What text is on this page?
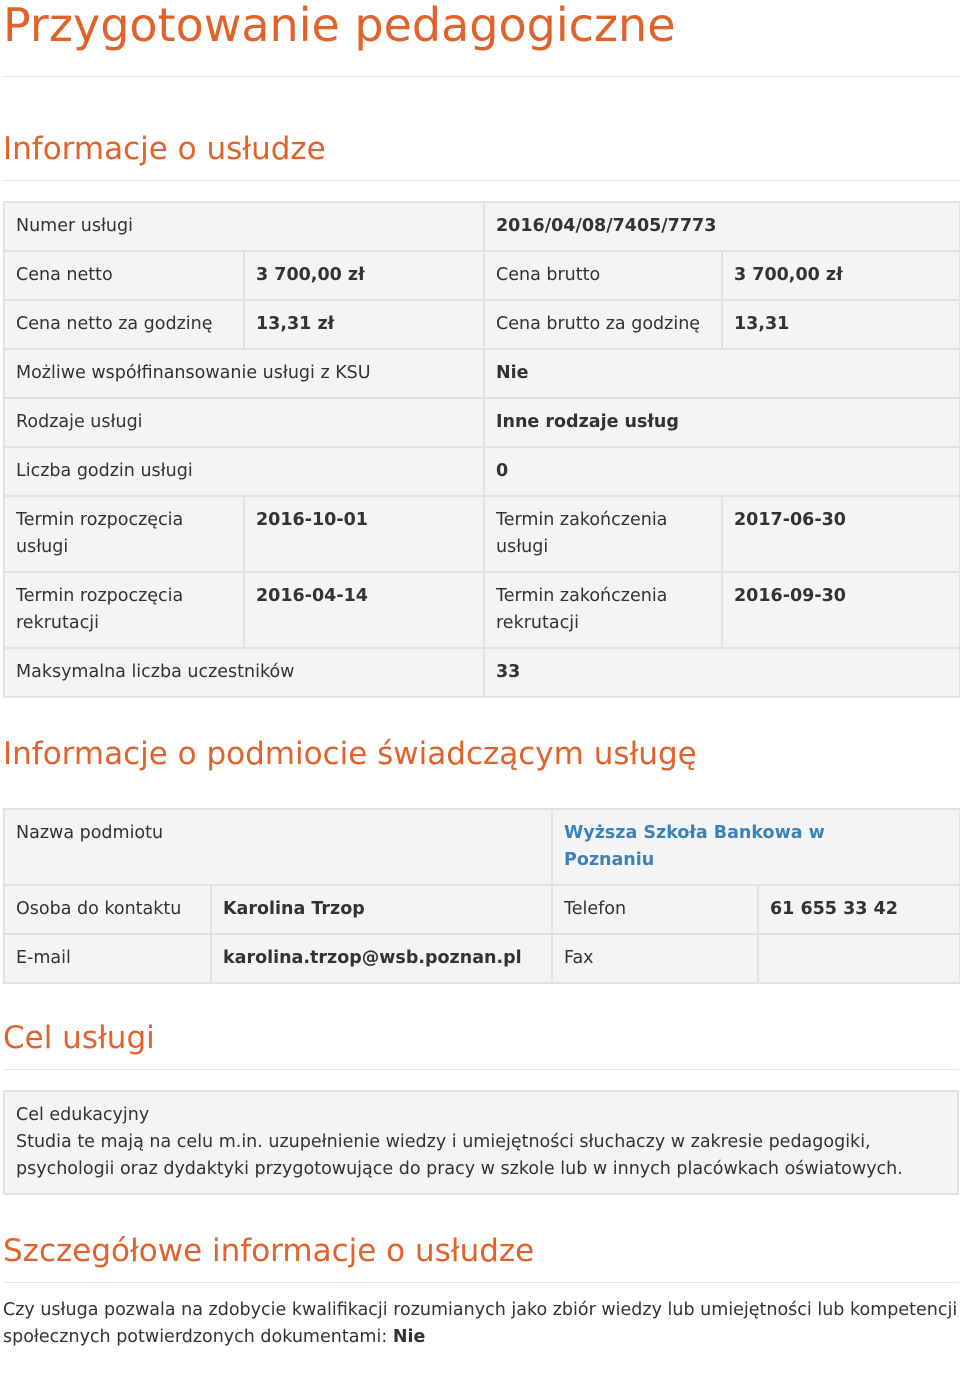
Przygotowanie pedagogiczne
Informacje o usłudze
Numer usługi		2016/04/08/7405/7773	
Cena netto	3 700,00 zł	Cena brutto	3 700,00 zł
Cena netto za godzinę	13,31 zł	Cena brutto za godzinę	13,31
Możliwe współfinansowanie usługi z KSU		Nie	
Rodzaje usługi		Inne rodzaje usług	
Liczba godzin usługi		0	
Termin rozpoczęcia usługi	2016-10-01	Termin zakończenia usługi	2017-06-30
Termin rozpoczęcia rekrutacji	2016-04-14	Termin zakończenia rekrutacji	2016-09-30
Maksymalna liczba uczestników		33	
Informacje o podmiocie świadczącym usługę
Nazwa podmiotu		Wyższa Szkoła Bankowa w Poznaniu	
Osoba do kontaktu	Karolina Trzop	Telefon	61 655 33 42
E-mail	karolina.trzop@wsb.poznan.pl	Fax	
Cel usługi
Cel edukacyjny
Studia te mają na celu m.in. uzupełnienie wiedzy i umiejętności słuchaczy w zakresie pedagogiki, psychologii oraz dydaktyki przygotowujące do pracy w szkole lub w innych placówkach oświatowych.
Szczegółowe informacje o usłudze
Czy usługa pozwala na zdobycie kwalifikacji rozumianych jako zbiór wiedzy lub umiejętności lub kompetencji społecznych potwierdzonych dokumentami: Nie
